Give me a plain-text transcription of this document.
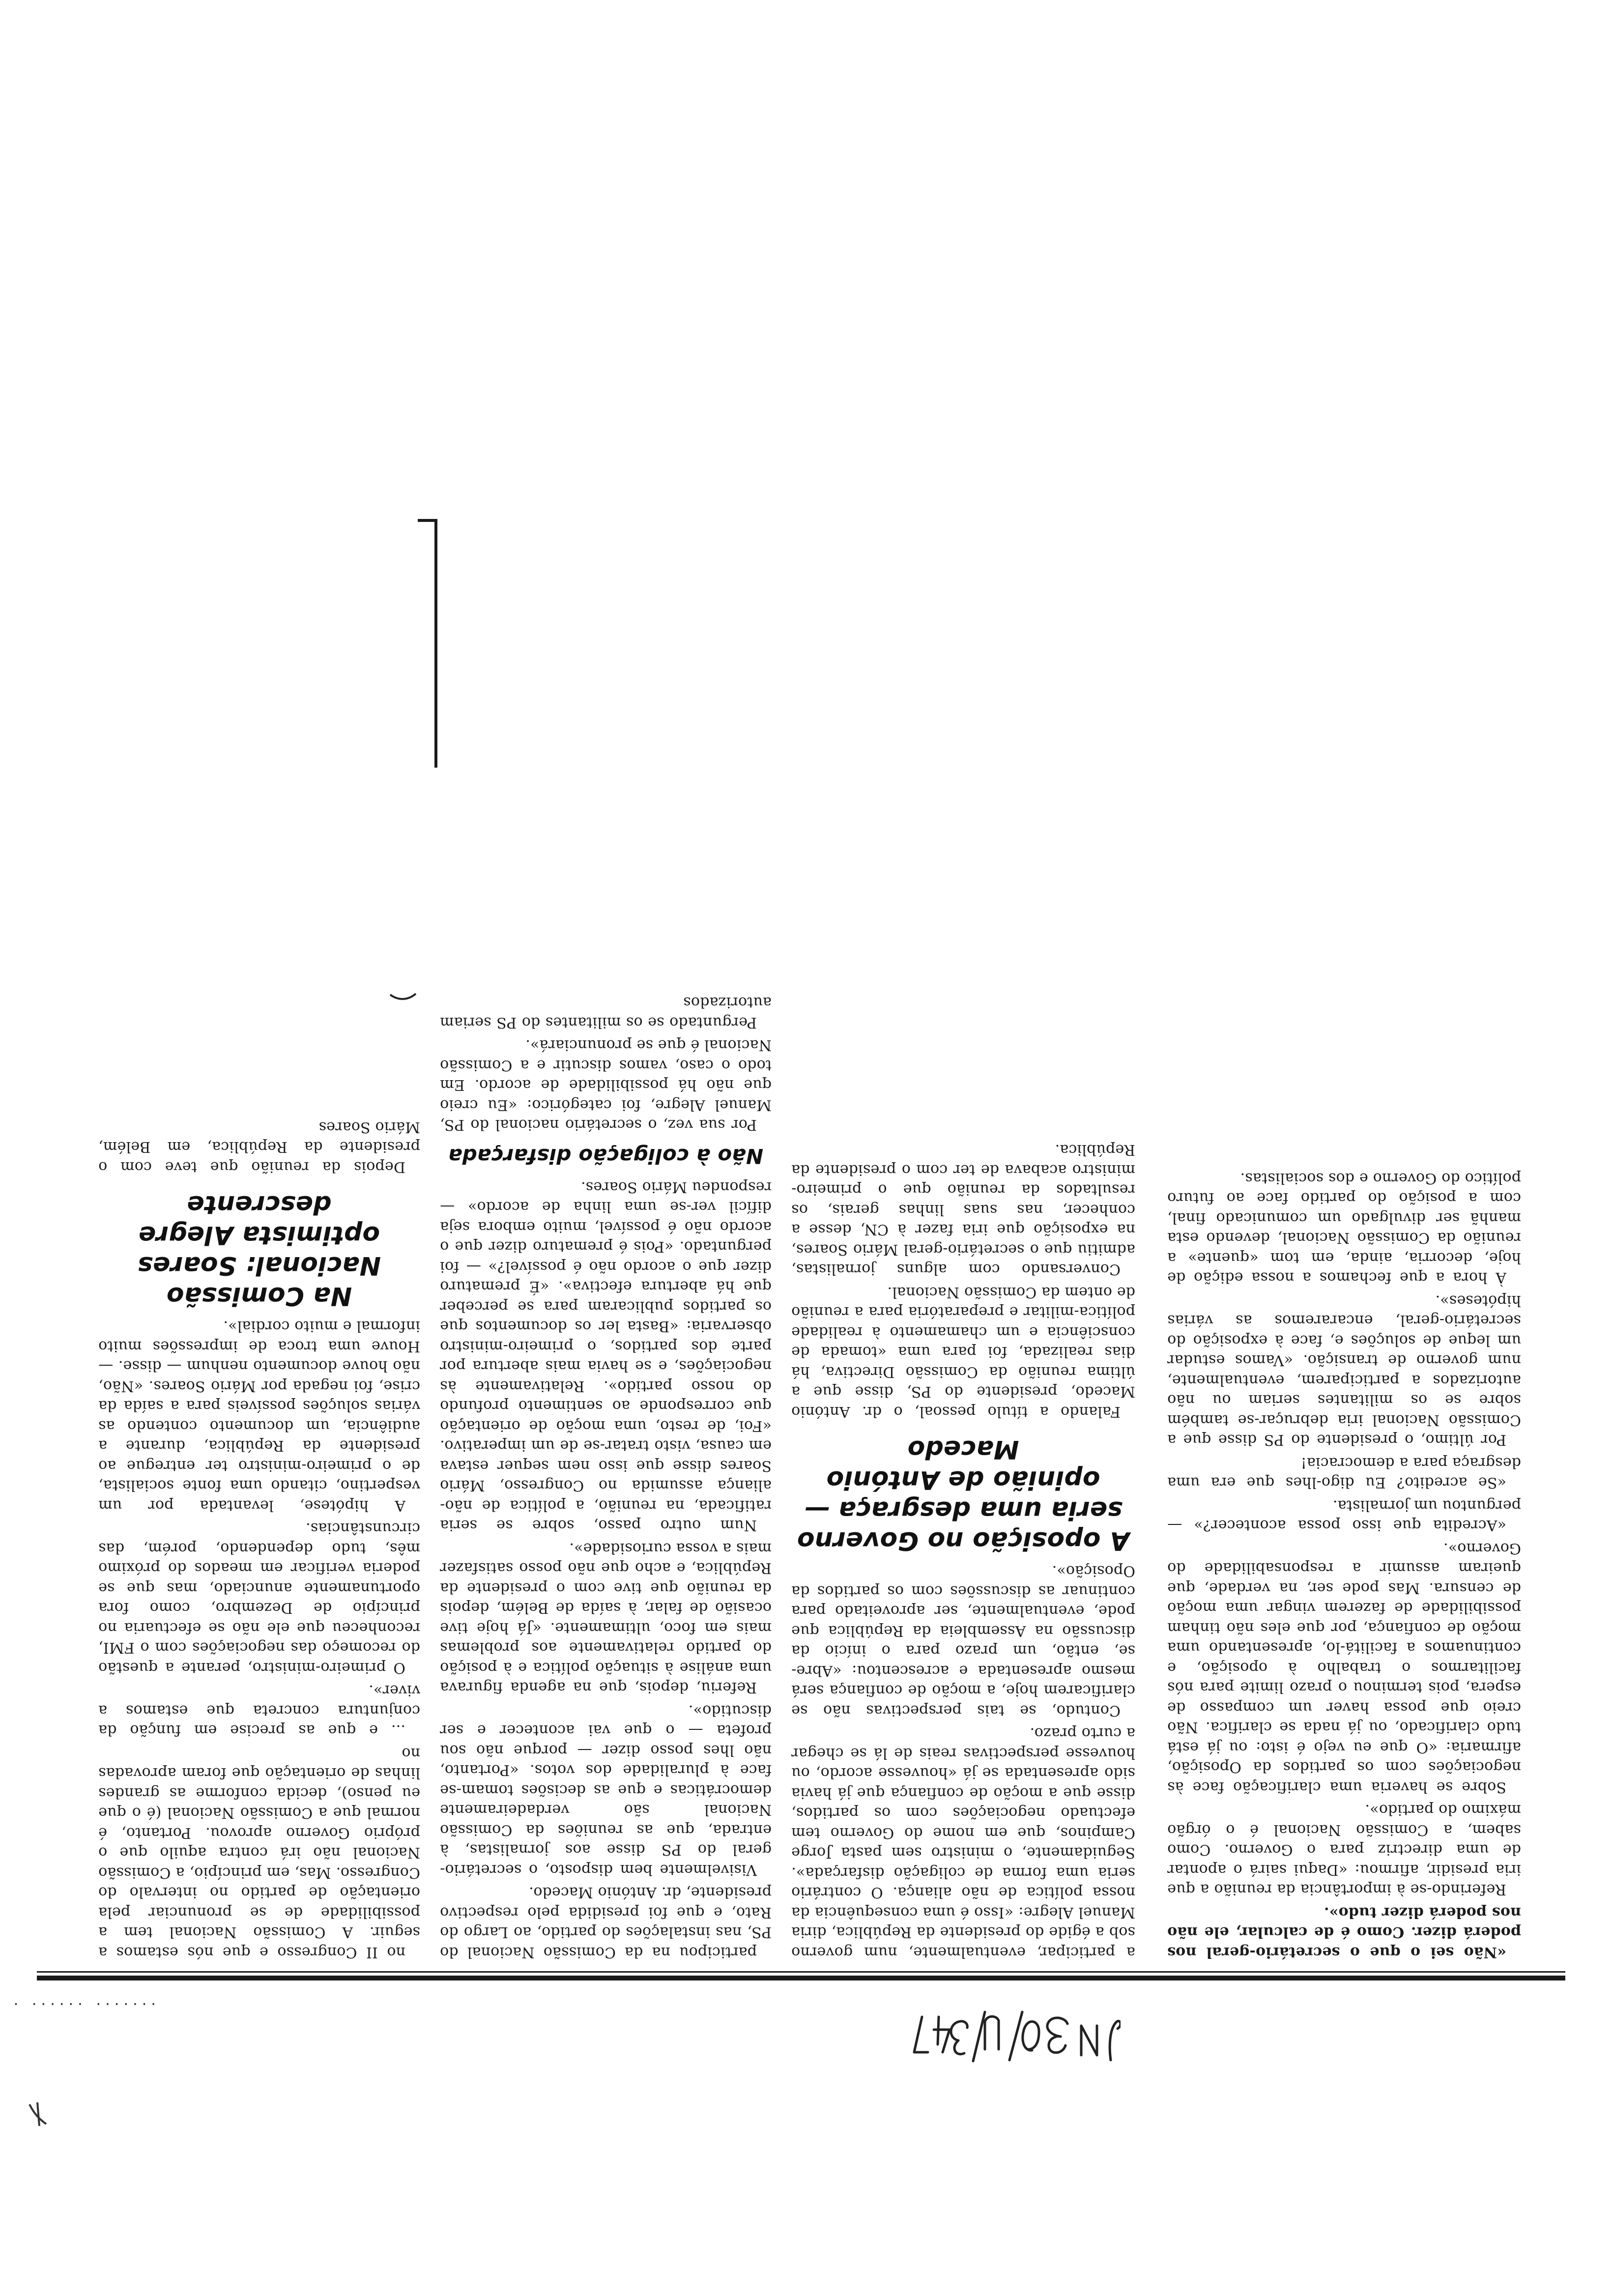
······· ······ ·	J N 30/4/ 84/75

no II Congresso e que nós estamos a seguir. A Comissão Nacional tem a possibilidade de se pronunciar pela orientação de partido no intervalo do Congresso. Mas, em princípio, a Comissão Nacional não irá contra aquilo que o próprio Governo aprovou. Portanto, é normal que a Comissão Nacional (é o que eu penso), decida conforme as grandes linhas de orientação que foram aprovadas no

... e que as precise em função da conjuntura concreta que estamos a viver».

O primeiro-ministro, perante a questão do recomeço das negociações com o FMI, reconheceu que ele não se efectuaria no princípio de Dezembro, como fora oportunamente anunciado, mas que se poderia verificar em meados do próximo mês, tudo dependendo, porém, das circunstâncias.

A hipótese, levantada por um vespertino, citando uma fonte socialista, de o primeiro-ministro ter entregue ao presidente da República, durante a audiência, um documento contendo as várias soluções possíveis para a saída da crise, foi negada por Mário Soares. «Não, não houve documento nenhum — disse. — Houve uma troca de impressões muito informal e muito cordial».

Na Comissão Nacional: Soares optimista Alegre descrente

Depois da reunião que teve com o presidente da República, em Belém, Mário Soares

participou na da Comissão Nacional do PS, nas instalações do partido, ao Largo do Rato, e que foi presidida pelo respectivo presidente, dr. António Macedo.

Visivelmente bem disposto, o secretário-geral do PS disse aos jornalistas, à entrada, que as reuniões da Comissão Nacional são verdadeiramente democráticas e que as decisões tomam-se face à pluralidade dos votos. «Portanto, não lhes posso dizer — porque não sou profeta — o que vai acontecer e ser discutido».

Referiu, depois, que na agenda figurava uma análise à situação política e à posição do partido relativamente aos problemas mais em foco, ultimamente. «Já hoje tive ocasião de falar, à saída de Belém, depois da reunião que tive com o presidente da República, e acho que não posso satisfazer mais a vossa curiosidade».

Num outro passo, sobre se seria ratificada, na reunião, a política de não-aliança assumida no Congresso, Mário Soares disse que isso nem sequer estava em causa, visto tratar-se de um imperativo. «Foi, de resto, uma moção de orientação que corresponde ao sentimento profundo do nosso partido». Relativamente às negociações, e se havia mais abertura por parte dos partidos, o primeiro-ministro observaria: «Basta ler os documentos que os partidos publicaram para se perceber que há abertura efectiva». «É prematuro dizer que o acordo não é possível?» — foi perguntado. «Pois é prematuro dizer que o acordo não é possível, muito embora seja difícil ver-se uma linha de acordo» — respondeu Mário Soares.

Não à coligação disfarçada

Por sua vez, o secretário nacional do PS, Manuel Alegre, foi categórico: «Eu creio que não há possibilidade de acordo. Em todo o caso, vamos discutir e a Comissão Nacional é que se pronunciará».

Perguntado se os militantes do PS seriam autorizados

a participar, eventualmente, num governo sob a égide do presidente da República, diria Manuel Alegre: «Isso é uma consequência da nossa política de não aliança. O contrário seria uma forma de coligação disfarçada». Seguidamente, o ministro sem pasta Jorge Campinos, que em nome do Governo tem efectuado negociações com os partidos, disse que a moção de confiança que já havia sido apresentada se já «houvesse acordo, ou houvesse perspectivas reais de lá se chegar a curto prazo.

Contudo, se tais perspectivas não se clarificarem hoje, a moção de confiança será mesmo apresentada e acrescentou: «Abre-se, então, um prazo para o início da discussão na Assembleia da República que pode, eventualmente, ser aproveitado para continuar as discussões com os partidos da Oposição».

A oposição no Governo seria uma desgraça — opinião de António Macedo

Falando a título pessoal, o dr. António Macedo, presidente do PS, disse que a última reunião da Comissão Directiva, há dias realizada, foi para uma «tomada de consciência e um chamamento à realidade política-militar e preparatória para a reunião de ontem da Comissão Nacional.

Conversando com alguns jornalistas, admitiu que o secretário-geral Mário Soares, na exposição que iria fazer à CN, desse a conhecer, nas suas linhas gerais, os resultados da reunião que o primeiro-ministro acabava de ter com o presidente da República.

«Não sei o que o secretário-geral nos poderá dizer. Como é de calcular, ele não nos poderá dizer tudo».

Referindo-se à importância da reunião a que iria presidir, afirmou: «Daqui sairá o apontar de uma directriz para o Governo. Como sabem, a Comissão Nacional é o órgão máximo do partido».

Sobre se haveria uma clarificação face às negociações com os partidos da Oposição, afirmaria: «O que eu vejo é isto: ou já está tudo clarificado, ou já nada se clarifica. Não creio que possa haver um compasso de espera, pois terminou o prazo limite para nós facilitarmos o trabalho à oposição, e continuamos a facilitá-lo, apresentando uma moção de confiança, por que eles não tinham possibilidade de fazerem vingar uma moção de censura. Mas pode ser, na verdade, que queiram assumir a responsabilidade do Governo».

«Acredita que isso possa acontecer?» — perguntou um jornalista.

«Se acredito? Eu digo-lhes que era uma desgraça para a democracia!

Por último, o presidente do PS disse que a Comissão Nacional iria debruçar-se também sobre se os militantes seriam ou não autorizados a participarem, eventualmente, num governo de transição. «Vamos estudar um leque de soluções e, face à exposição do secretário-geral, encararemos as várias hipóteses».

À hora a que fechamos a nossa edição de hoje, decorria, ainda, em tom «quente» a reunião da Comissão Nacional, devendo esta manhã ser divulgado um comunicado final, com a posição do partido face ao futuro político do Governo e dos socialistas.
